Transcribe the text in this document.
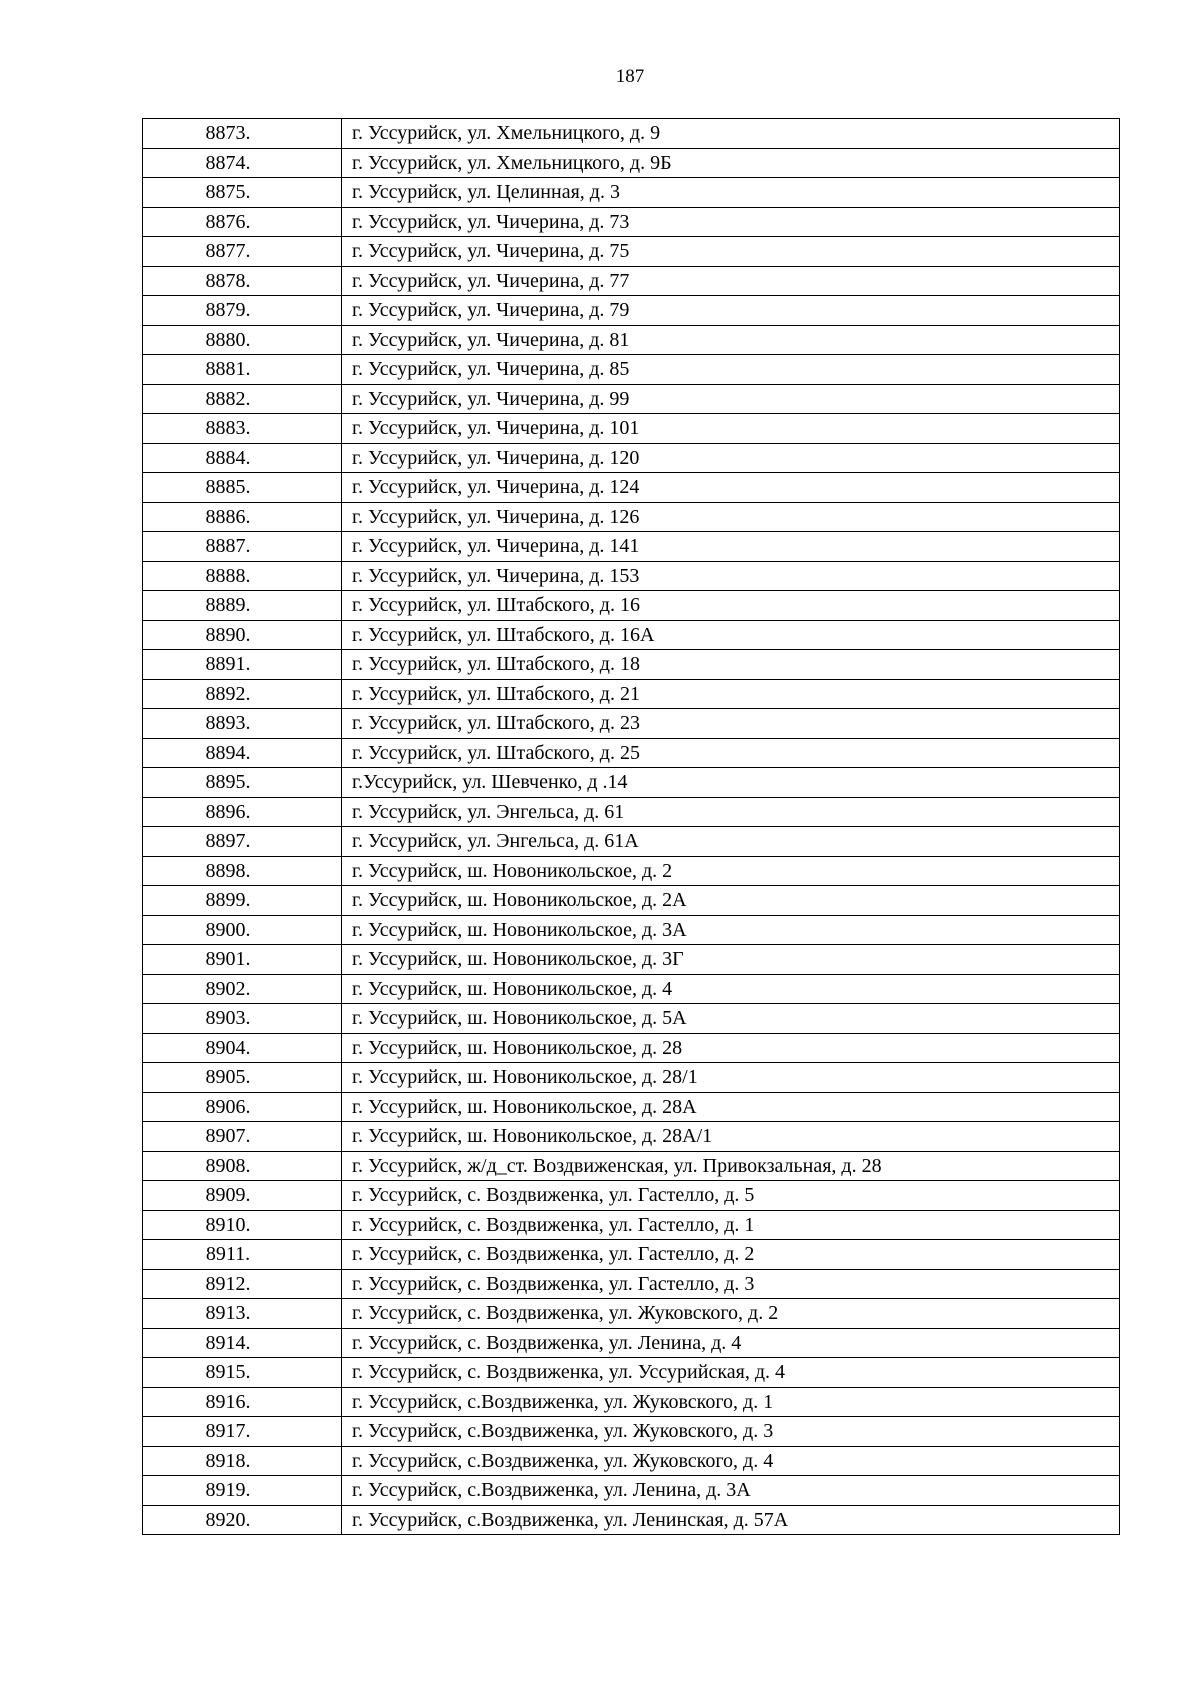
187
8873.	г. Уссурийск, ул. Хмельницкого, д. 9
8874.	г. Уссурийск, ул. Хмельницкого, д. 9Б
8875.	г. Уссурийск, ул. Целинная, д. 3
8876.	г. Уссурийск, ул. Чичерина, д. 73
8877.	г. Уссурийск, ул. Чичерина, д. 75
8878.	г. Уссурийск, ул. Чичерина, д. 77
8879.	г. Уссурийск, ул. Чичерина, д. 79
8880.	г. Уссурийск, ул. Чичерина, д. 81
8881.	г. Уссурийск, ул. Чичерина, д. 85
8882.	г. Уссурийск, ул. Чичерина, д. 99
8883.	г. Уссурийск, ул. Чичерина, д. 101
8884.	г. Уссурийск, ул. Чичерина, д. 120
8885.	г. Уссурийск, ул. Чичерина, д. 124
8886.	г. Уссурийск, ул. Чичерина, д. 126
8887.	г. Уссурийск, ул. Чичерина, д. 141
8888.	г. Уссурийск, ул. Чичерина, д. 153
8889.	г. Уссурийск, ул. Штабского, д. 16
8890.	г. Уссурийск, ул. Штабского, д. 16А
8891.	г. Уссурийск, ул. Штабского, д. 18
8892.	г. Уссурийск, ул. Штабского, д. 21
8893.	г. Уссурийск, ул. Штабского, д. 23
8894.	г. Уссурийск, ул. Штабского, д. 25
8895.	г.Уссурийск, ул. Шевченко, д .14
8896.	г. Уссурийск, ул. Энгельса, д. 61
8897.	г. Уссурийск, ул. Энгельса, д. 61А
8898.	г. Уссурийск, ш. Новоникольское, д. 2
8899.	г. Уссурийск, ш. Новоникольское, д. 2А
8900.	г. Уссурийск, ш. Новоникольское, д. 3А
8901.	г. Уссурийск, ш. Новоникольское, д. 3Г
8902.	г. Уссурийск, ш. Новоникольское, д. 4
8903.	г. Уссурийск, ш. Новоникольское, д. 5А
8904.	г. Уссурийск, ш. Новоникольское, д. 28
8905.	г. Уссурийск, ш. Новоникольское, д. 28/1
8906.	г. Уссурийск, ш. Новоникольское, д. 28А
8907.	г. Уссурийск, ш. Новоникольское, д. 28А/1
8908.	г. Уссурийск, ж/д_ст. Воздвиженская, ул. Привокзальная, д. 28
8909.	г. Уссурийск, с. Воздвиженка, ул. Гастелло, д. 5
8910.	г. Уссурийск, с. Воздвиженка, ул. Гастелло, д. 1
8911.	г. Уссурийск, с. Воздвиженка, ул. Гастелло, д. 2
8912.	г. Уссурийск, с. Воздвиженка, ул. Гастелло, д. 3
8913.	г. Уссурийск, с. Воздвиженка, ул. Жуковского, д. 2
8914.	г. Уссурийск, с. Воздвиженка, ул. Ленина, д. 4
8915.	г. Уссурийск, с. Воздвиженка, ул. Уссурийская, д. 4
8916.	г. Уссурийск, с.Воздвиженка, ул. Жуковского, д. 1
8917.	г. Уссурийск, с.Воздвиженка, ул. Жуковского, д. 3
8918.	г. Уссурийск, с.Воздвиженка, ул. Жуковского, д. 4
8919.	г. Уссурийск, с.Воздвиженка, ул. Ленина, д. 3А
8920.	г. Уссурийск, с.Воздвиженка, ул. Ленинская, д. 57А
